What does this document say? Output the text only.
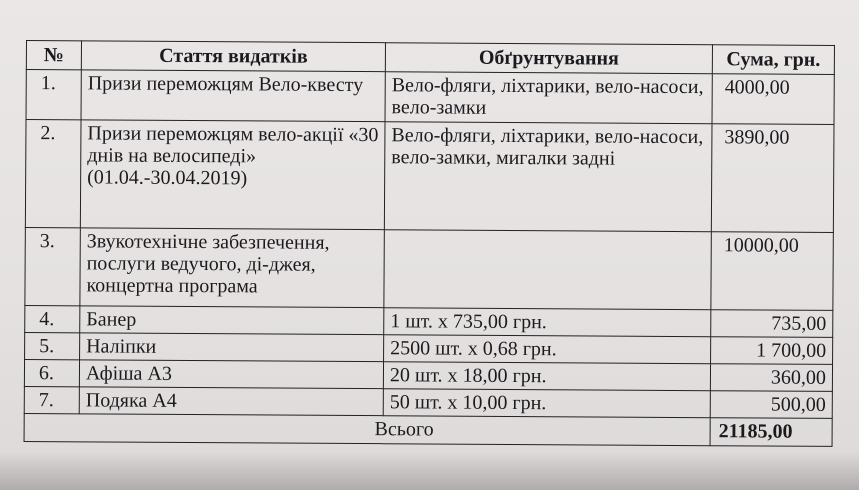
№	Стаття видатків	Обґрунтування	Сума, грн.
1.	Призи переможцям Вело-квесту	Вело-фляги, ліхтарики, вело-насоси, вело-замки	4000,00
2.	Призи переможцям вело-акції «30 днів на велосипеді» (01.04.-30.04.2019)	Вело-фляги, ліхтарики, вело-насоси, вело-замки, мигалки задні	3890,00
3.	Звукотехнічне забезпечення, послуги ведучого, ді-джея, концертна програма		10000,00
4.	Банер	1 шт. х 735,00 грн.	735,00
5.	Наліпки	2500 шт. х 0,68 грн.	1 700,00
6.	Афіша А3	20 шт. х 18,00 грн.	360,00
7.	Подяка А4	50 шт. х 10,00 грн.	500,00
Всього			21185,00
